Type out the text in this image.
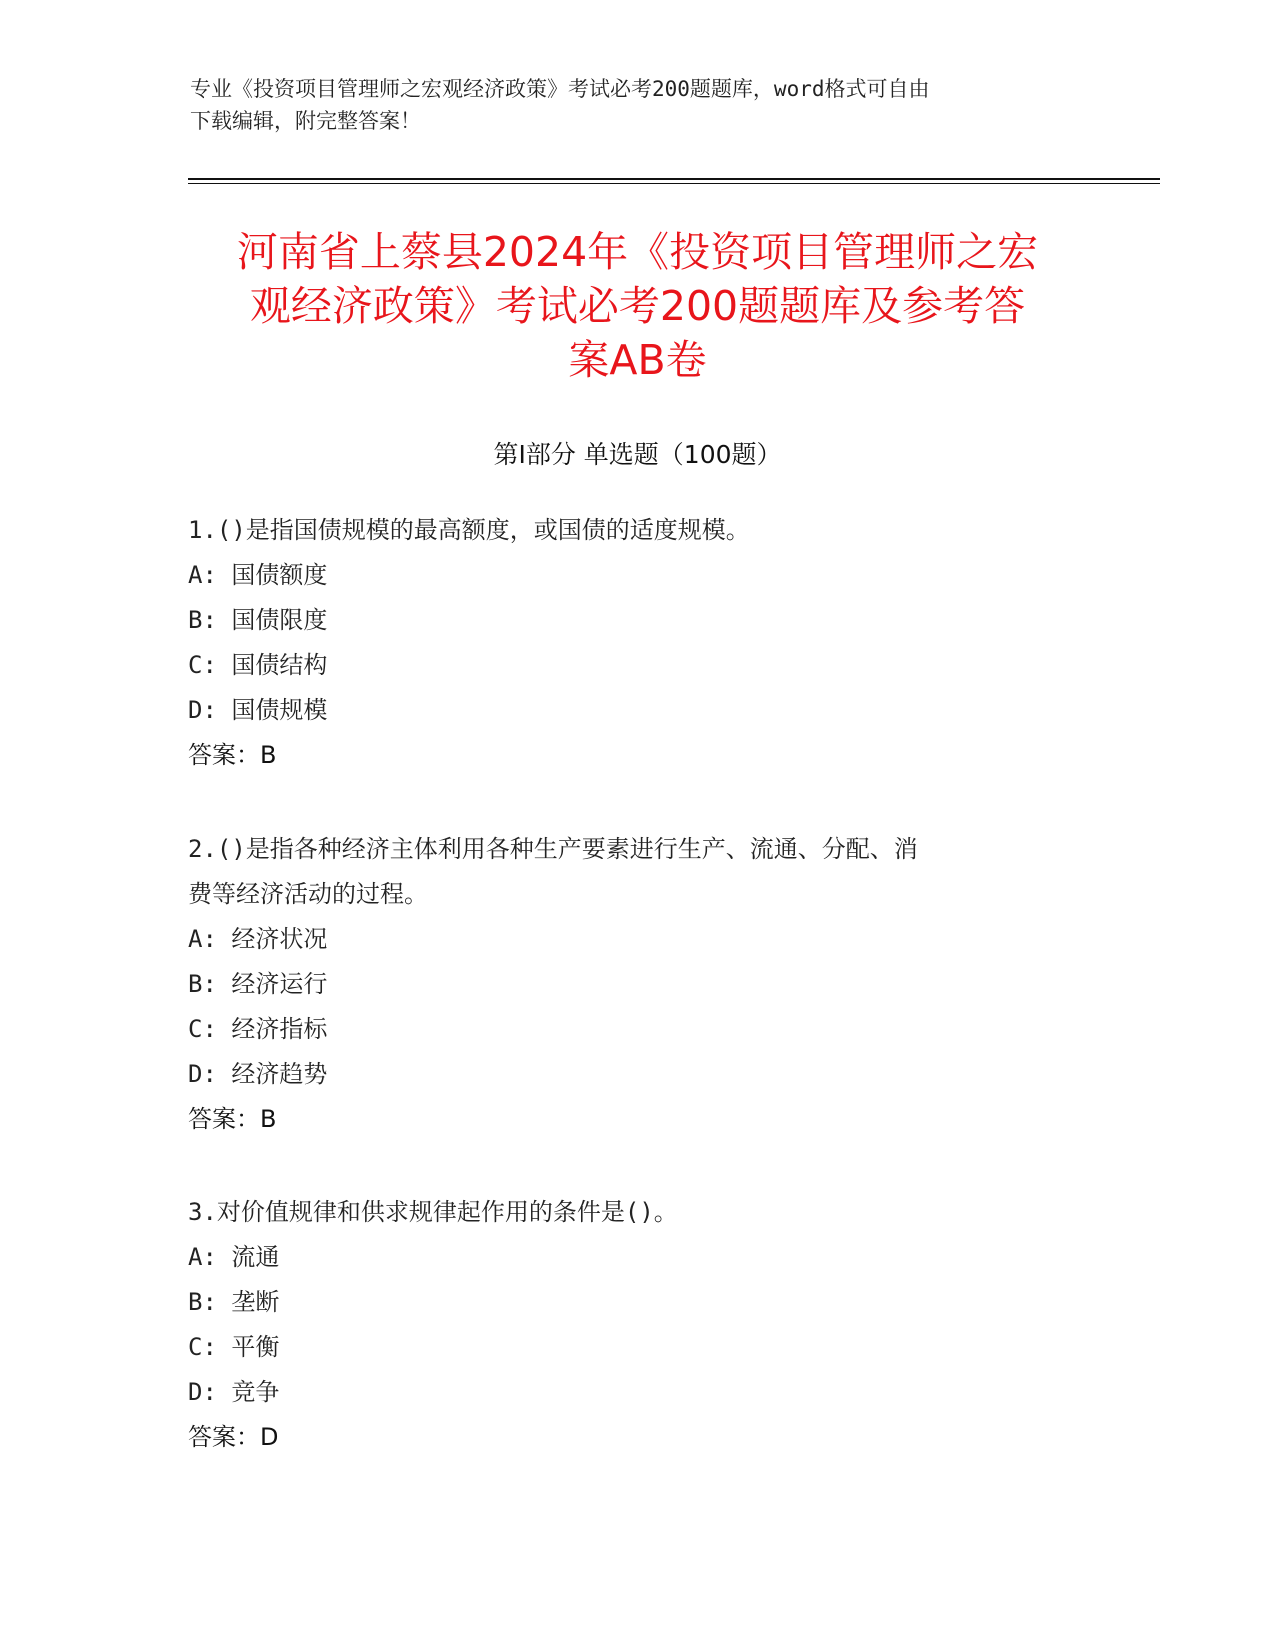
专业《投资项目管理师之宏观经济政策》考试必考200题题库，word格式可自由
下载编辑，附完整答案！
河南省上蔡县2024年《投资项目管理师之宏
观经济政策》考试必考200题题库及参考答
案AB卷
第Ⅰ部分 单选题（100题）

1.()是指国债规模的最高额度，或国债的适度规模。

A: 国债额度

B: 国债限度

C: 国债结构

D: 国债规模

答案：B

2.()是指各种经济主体利用各种生产要素进行生产、流通、分配、消

费等经济活动的过程。

A: 经济状况

B: 经济运行

C: 经济指标

D: 经济趋势

答案：B

3.对价值规律和供求规律起作用的条件是()。

A: 流通

B: 垄断

C: 平衡

D: 竞争

答案：D
